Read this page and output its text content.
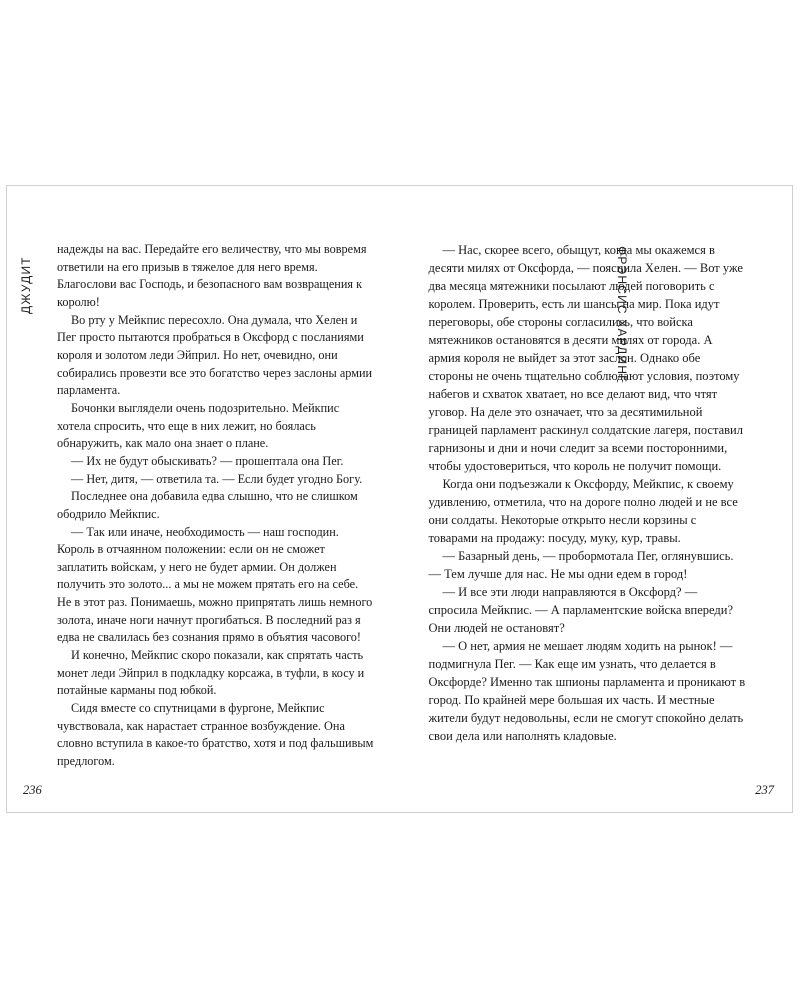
ДЖУДИТ

надежды на вас. Передайте его величеству, что мы вовремя ответили на его призыв в тяжелое для него время. Благослови вас Господь, и безопасного вам возвращения к королю!

Во рту у Мейкпис пересохло. Она думала, что Хелен и Пег просто пытаются пробраться в Оксфорд с посланиями короля и золотом леди Эйприл. Но нет, очевидно, они собирались провезти все это богатство через заслоны армии парламента.

Бочонки выглядели очень подозрительно. Мейкпис хотела спросить, что еще в них лежит, но боялась обнаружить, как мало она знает о плане.

— Их не будут обыскивать? — прошептала она Пег.

— Нет, дитя, — ответила та. — Если будет угодно Богу.

Последнее она добавила едва слышно, что не слишком ободрило Мейкпис.

— Так или иначе, необходимость — наш господин. Король в отчаянном положении: если он не сможет заплатить войскам, у него не будет армии. Он должен получить это золото... а мы не можем прятать его на себе. Не в этот раз. Понимаешь, можно припрятать лишь немного золота, иначе ноги начнут прогибаться. В последний раз я едва не свалилась без сознания прямо в объятия часового!

И конечно, Мейкпис скоро показали, как спрятать часть монет леди Эйприл в подкладку корсажа, в туфли, в косу и потайные карманы под юбкой.

Сидя вместе со спутницами в фургоне, Мейкпис чувствовала, как нарастает странное возбуждение. Она словно вступила в какое-то братство, хотя и под фальшивым предлогом.

236
ФРЭНСИС ХАРДИНГ

— Нас, скорее всего, обыщут, когда мы окажемся в десяти милях от Оксфорда, — пояснила Хелен. — Вот уже два месяца мятежники посылают людей поговорить с королем. Проверить, есть ли шансы на мир. Пока идут переговоры, обе стороны согласились, что войска мятежников остановятся в десяти милях от города. А армия короля не выйдет за этот заслон. Однако обе стороны не очень тщательно соблюдают условия, поэтому набегов и схваток хватает, но все делают вид, что чтят уговор. На деле это означает, что за десятимильной границей парламент раскинул солдатские лагеря, поставил гарнизоны и дни и ночи следит за всеми посторонними, чтобы удостовериться, что король не получит помощи.

Когда они подъезжали к Оксфорду, Мейкпис, к своему удивлению, отметила, что на дороге полно людей и не все они солдаты. Некоторые открыто несли корзины с товарами на продажу: посуду, муку, кур, травы.

— Базарный день, — пробормотала Пег, оглянувшись. — Тем лучше для нас. Не мы одни едем в город!

— И все эти люди направляются в Оксфорд? — спросила Мейкпис. — А парламентские войска впереди? Они людей не остановят?

— О нет, армия не мешает людям ходить на рынок! — подмигнула Пег. — Как еще им узнать, что делается в Оксфорде? Именно так шпионы парламента и проникают в город. По крайней мере большая их часть. И местные жители будут недовольны, если не смогут спокойно делать свои дела или наполнять кладовые.

237
